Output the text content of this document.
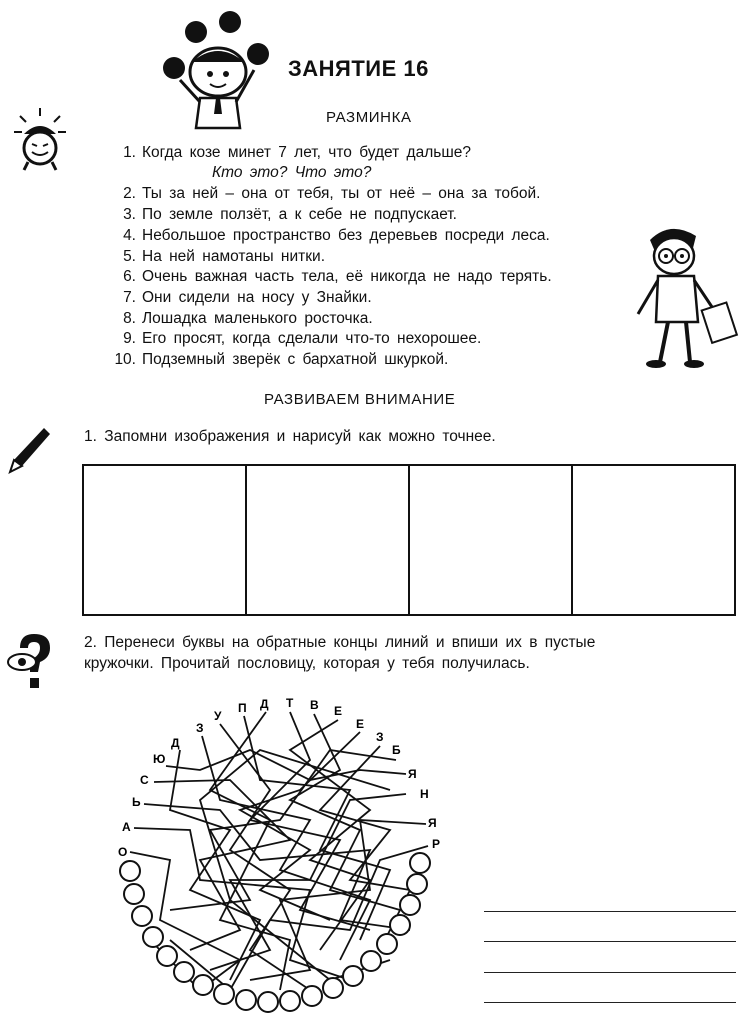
ЗАНЯТИЕ 16
РАЗМИНКА
1. Когда козе минет 7 лет, что будет дальше?
Кто это? Что это?
2. Ты за ней – она от тебя, ты от неё – она за тобой.
3. По земле ползёт, а к себе не подпускает.
4. Небольшое пространство без деревьев посреди леса.
5. На ней намотаны нитки.
6. Очень важная часть тела, её никогда не надо терять.
7. Они сидели на носу у Знайки.
8. Лошадка маленького росточка.
9. Его просят, когда сделали что-то нехорошее.
10. Подземный зверёк с бархатной шкуркой.
РАЗВИВАЕМ ВНИМАНИЕ
1. Запомни изображения и нарисуй как можно точнее.
2. Перенеси буквы на обратные концы линий и впиши их в пустые
кружочки. Прочитай пословицу, которая у тебя получилась.
Ю
Д
З
У
П Д Т В Е
Е
З
Б
С	Я
Ь
Н
А	Я
О
Р
